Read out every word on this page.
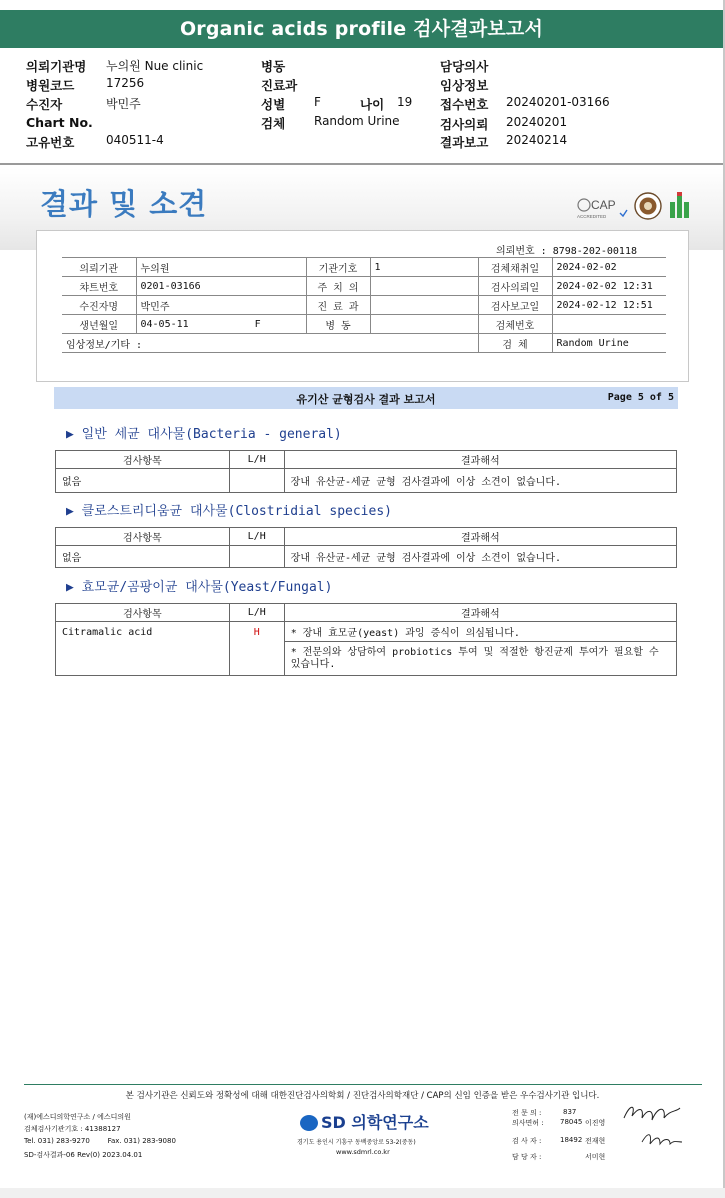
Organic acids profile 검사결과보고서
의뢰기관명 누의원 Nue clinic
병원코드	17256
수진자	박민주
Chart No.
고유번호	040511-4
병동
진료과
성별 F	나이 19
검체 Random Urine
담당의사
임상정보
접수번호 20240201-03166
검사의뢰 20240201
결과보고 20240214
결과 및 소견	CAP
ACCREDITED
의뢰번호 : 8798-202-00118
의뢰기관	누의원	기관기호	1	검체채취일	2024-02-02
챠트번호	0201-03166	주 치 의		검사의뢰일	2024-02-02 12:31
수진자명	박민주	진 료 과		검사보고일	2024-02-12 12:51
생년월일	04-05-11 F	병 동		검체번호	
임상정보/기타 :				검 체	Random Urine
유기산 균형검사 결과 보고서	Page 5 of 5
▶ 일반 세균 대사물(Bacteria - general)
검사항목	L/H	결과해석
없음		장내 유산균-세균 균형 검사결과에 이상 소견이 없습니다.
▶ 클로스트리디움균 대사물(Clostridial species)
검사항목	L/H	결과해석
없음		장내 유산균-세균 균형 검사결과에 이상 소견이 없습니다.
▶ 효모균/곰팡이균 대사물(Yeast/Fungal)
검사항목	L/H	결과해석
Citramalic acid	H	* 장내 효모균(yeast) 과잉 증식이 의심됩니다.
		* 전문의와 상담하여 probiotics 투여 및 적절한 항진균제 투여가 필요할 수 있습니다.
본 검사기관은 신뢰도와 정확성에 대해 대한진단검사의학회 / 진단검사의학재단 / CAP의 신임 인증을 받은 우수검사기관 입니다.
(재)에스디의학연구소 / 에스디의원
검체검사기관기호 : 41388127
Tel. 031) 283-9270        Fax. 031) 283-9080
SD-검사결과-06 Rev(0) 2023.04.01
SD 의학연구소
경기도 용인시 기흥구 동백중앙로 53-2(중동)
www.sdmrl.co.kr
전 문 의 :	837
의사면허 : 78045 이진영
검 사 자 :	18492 전재현
담 당 자 :	서미현
